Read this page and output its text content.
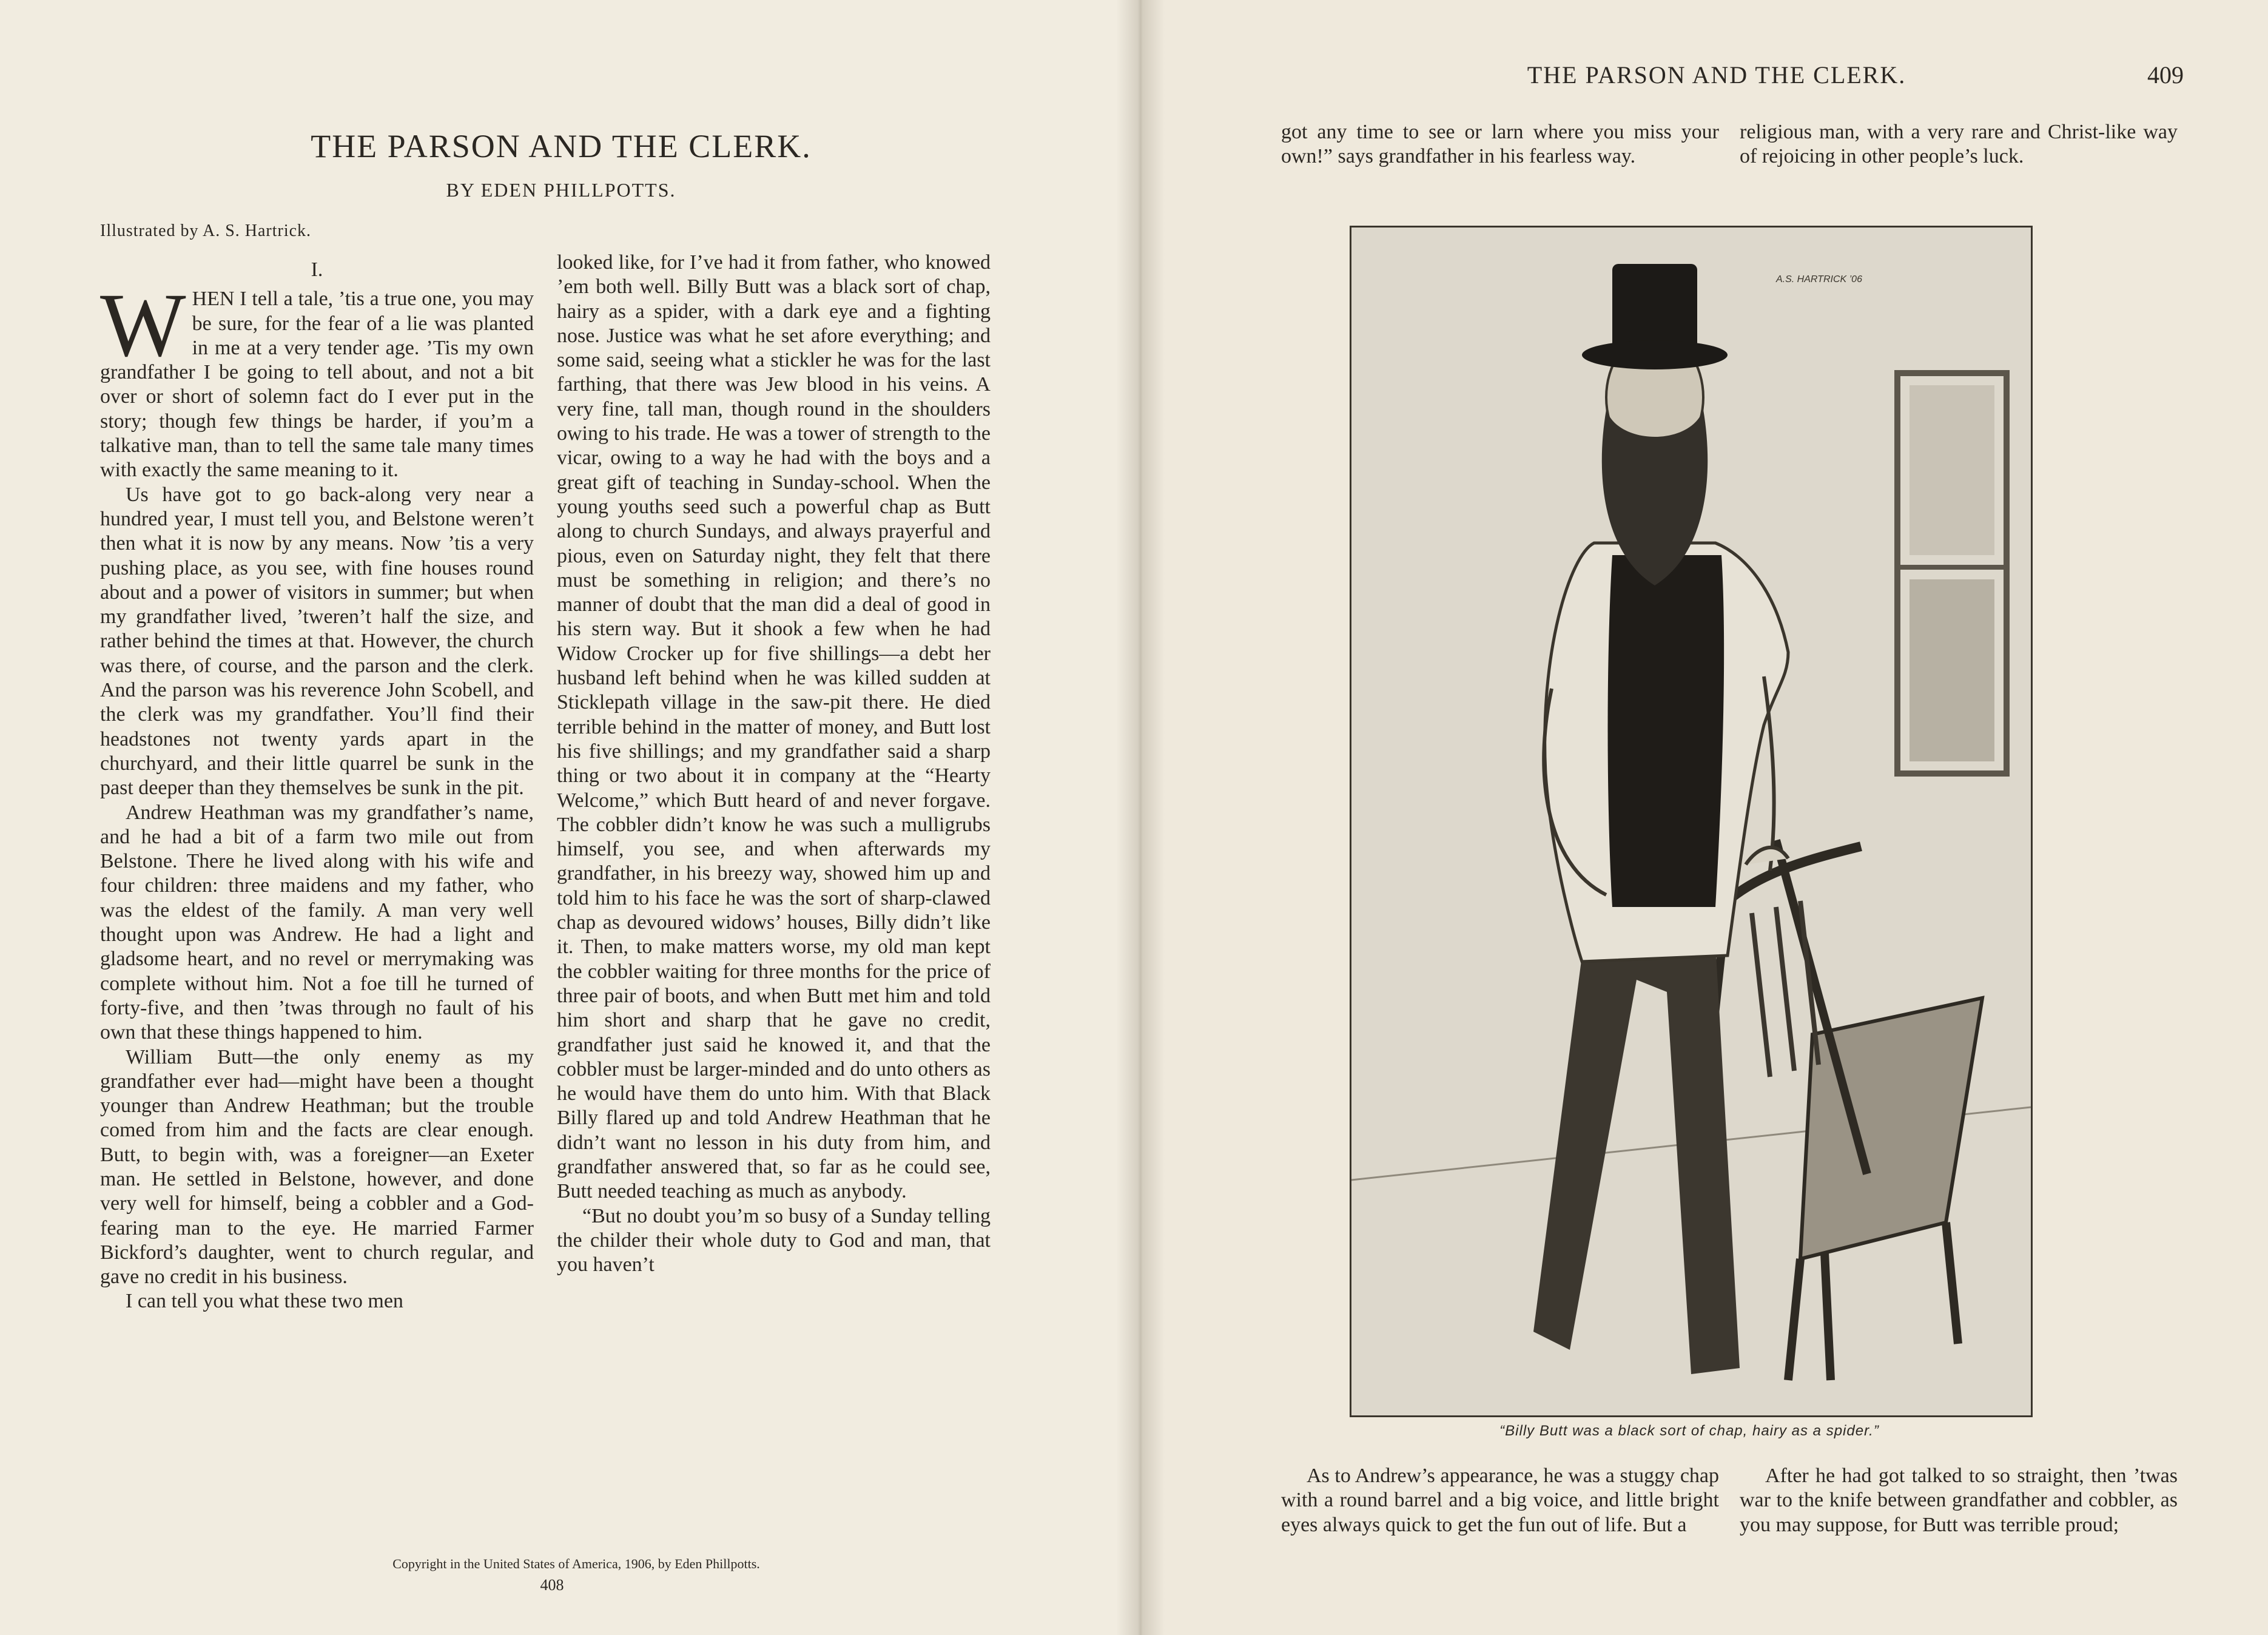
THE PARSON AND THE CLERK.
BY EDEN PHILLPOTTS.
Illustrated by A. S. Hartrick.
I.

WHEN I tell a tale, ’tis a true one, you may be sure, for the fear of a lie was planted in me at a very tender age. ’Tis my own grandfather I be going to tell about, and not a bit over or short of solemn fact do I ever put in the story; though few things be harder, if you’m a talkative man, than to tell the same tale many times with exactly the same meaning to it.

Us have got to go back-along very near a hundred year, I must tell you, and Belstone weren’t then what it is now by any means. Now ’tis a very pushing place, as you see, with fine houses round about and a power of visitors in summer; but when my grandfather lived, ’tweren’t half the size, and rather behind the times at that. However, the church was there, of course, and the parson and the clerk. And the parson was his reverence John Scobell, and the clerk was my grandfather. You’ll find their headstones not twenty yards apart in the churchyard, and their little quarrel be sunk in the past deeper than they themselves be sunk in the pit.

Andrew Heathman was my grandfather’s name, and he had a bit of a farm two mile out from Belstone. There he lived along with his wife and four children: three maidens and my father, who was the eldest of the family. A man very well thought upon was Andrew. He had a light and gladsome heart, and no revel or merrymaking was complete without him. Not a foe till he turned of forty-five, and then ’twas through no fault of his own that these things happened to him.

William Butt—the only enemy as my grandfather ever had—might have been a thought younger than Andrew Heathman; but the trouble comed from him and the facts are clear enough. Butt, to begin with, was a foreigner—an Exeter man. He settled in Belstone, however, and done very well for himself, being a cobbler and a God-fearing man to the eye. He married Farmer Bickford’s daughter, went to church regular, and gave no credit in his business.

I can tell you what these two men

looked like, for I’ve had it from father, who knowed ’em both well. Billy Butt was a black sort of chap, hairy as a spider, with a dark eye and a fighting nose. Justice was what he set afore everything; and some said, seeing what a stickler he was for the last farthing, that there was Jew blood in his veins. A very fine, tall man, though round in the shoulders owing to his trade. He was a tower of strength to the vicar, owing to a way he had with the boys and a great gift of teaching in Sunday-school. When the young youths seed such a powerful chap as Butt along to church Sundays, and always prayerful and pious, even on Saturday night, they felt that there must be something in religion; and there’s no manner of doubt that the man did a deal of good in his stern way. But it shook a few when he had Widow Crocker up for five shillings—a debt her husband left behind when he was killed sudden at Sticklepath village in the saw-pit there. He died terrible behind in the matter of money, and Butt lost his five shillings; and my grandfather said a sharp thing or two about it in company at the “Hearty Welcome,” which Butt heard of and never forgave. The cobbler didn’t know he was such a mulligrubs himself, you see, and when afterwards my grandfather, in his breezy way, showed him up and told him to his face he was the sort of sharp-clawed chap as devoured widows’ houses, Billy didn’t like it. Then, to make matters worse, my old man kept the cobbler waiting for three months for the price of three pair of boots, and when Butt met him and told him short and sharp that he gave no credit, grandfather just said he knowed it, and that the cobbler must be larger-minded and do unto others as he would have them do unto him. With that Black Billy flared up and told Andrew Heathman that he didn’t want no lesson in his duty from him, and grandfather answered that, so far as he could see, Butt needed teaching as much as anybody.

“But no doubt you’m so busy of a Sunday telling the childer their whole duty to God and man, that you haven’t

Copyright in the United States of America, 1906, by Eden Phillpotts.
408
THE PARSON AND THE CLERK.	409

got any time to see or larn where you miss your own!” says grandfather in his fearless way.

religious man, with a very rare and Christ-like way of rejoicing in other people’s luck.

A.S. HARTRICK ’06
“Billy Butt was a black sort of chap, hairy as a spider.”

As to Andrew’s appearance, he was a stuggy chap with a round barrel and a big voice, and little bright eyes always quick to get the fun out of life. But a

After he had got talked to so straight, then ’twas war to the knife between grandfather and cobbler, as you may suppose, for Butt was terrible proud;
